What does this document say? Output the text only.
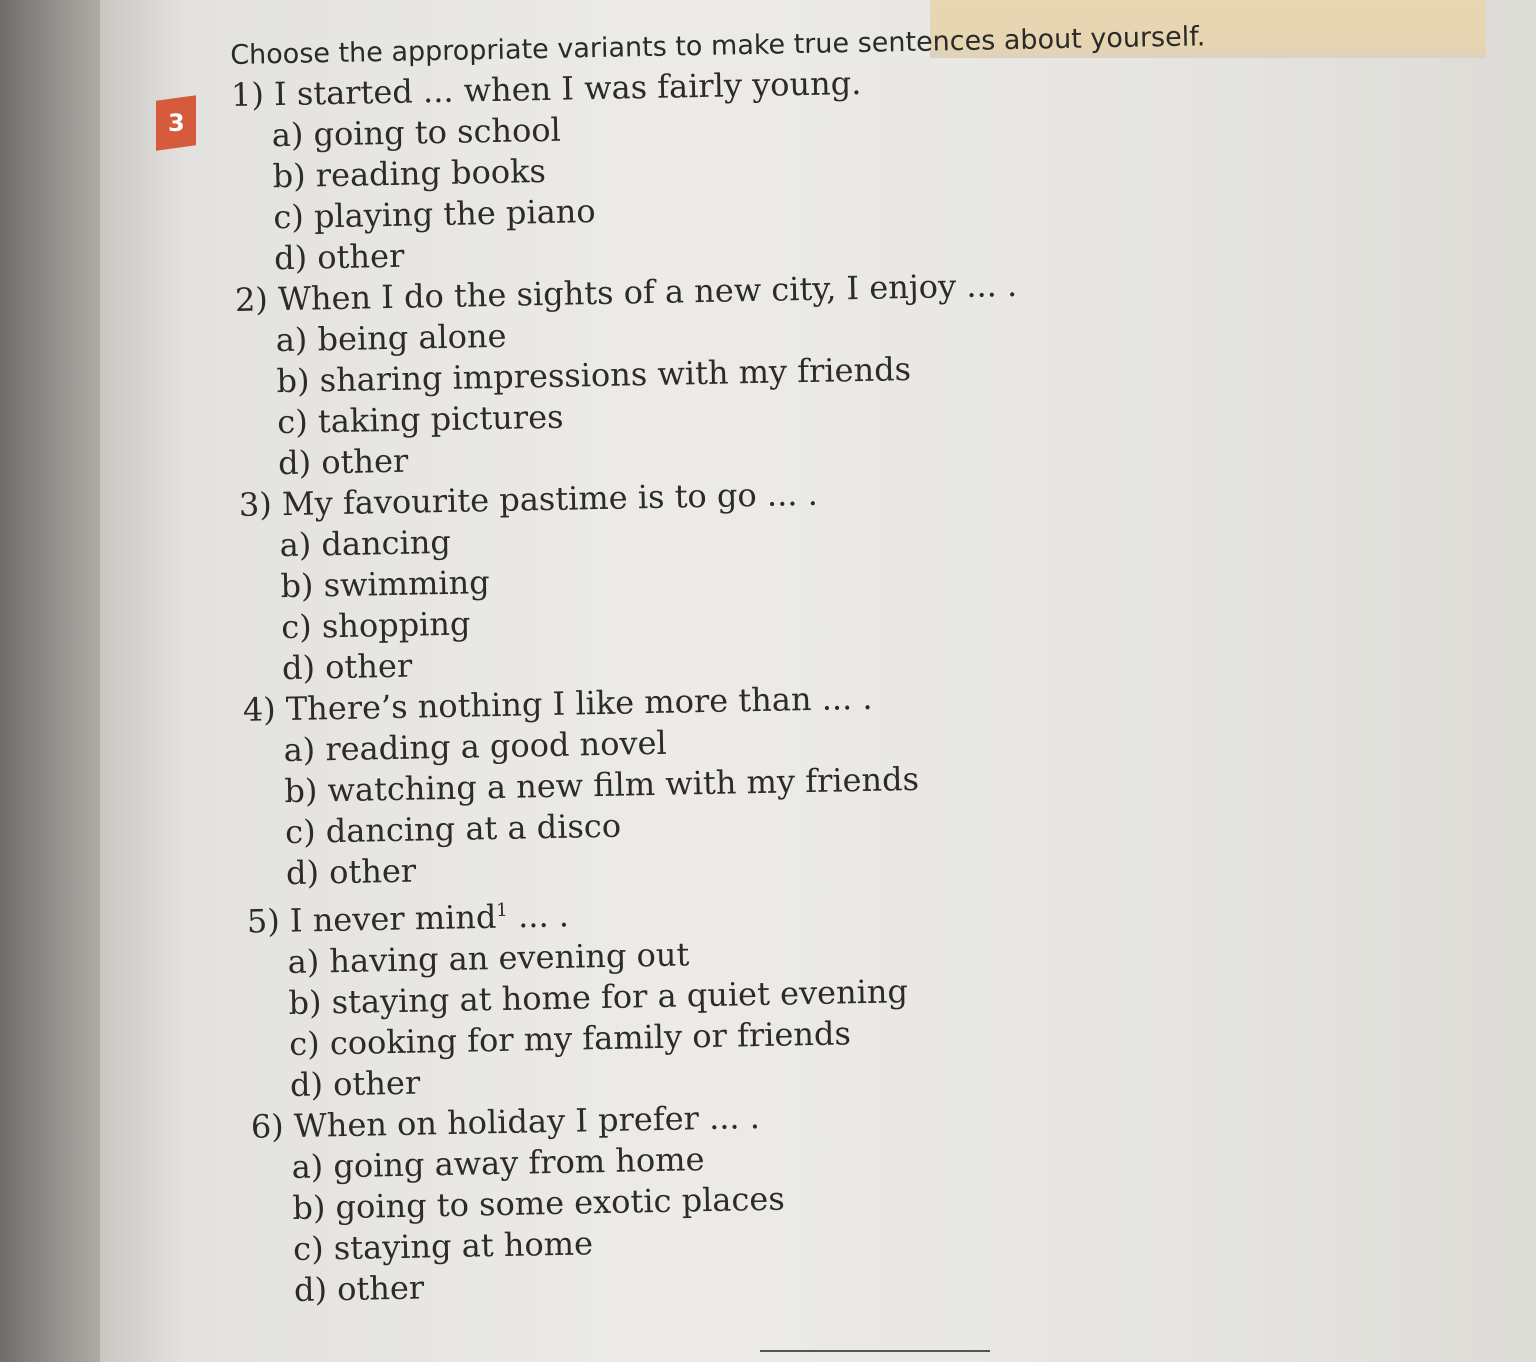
3

Choose the appropriate variants to make true sentences about yourself.

1) I started ... when I was fairly young.

a) going to school

b) reading books

c) playing the piano

d) other

2) When I do the sights of a new city, I enjoy ... .

a) being alone

b) sharing impressions with my friends

c) taking pictures

d) other

3) My favourite pastime is to go ... .

a) dancing

b) swimming

c) shopping

d) other

4) There’s nothing I like more than ... .

a) reading a good novel

b) watching a new film with my friends

c) dancing at a disco

d) other

5) I never mind$^1$ ... .

a) having an evening out

b) staying at home for a quiet evening

c) cooking for my family or friends

d) other

6) When on holiday I prefer ... .

a) going away from home

b) going to some exotic places

c) staying at home

d) other
